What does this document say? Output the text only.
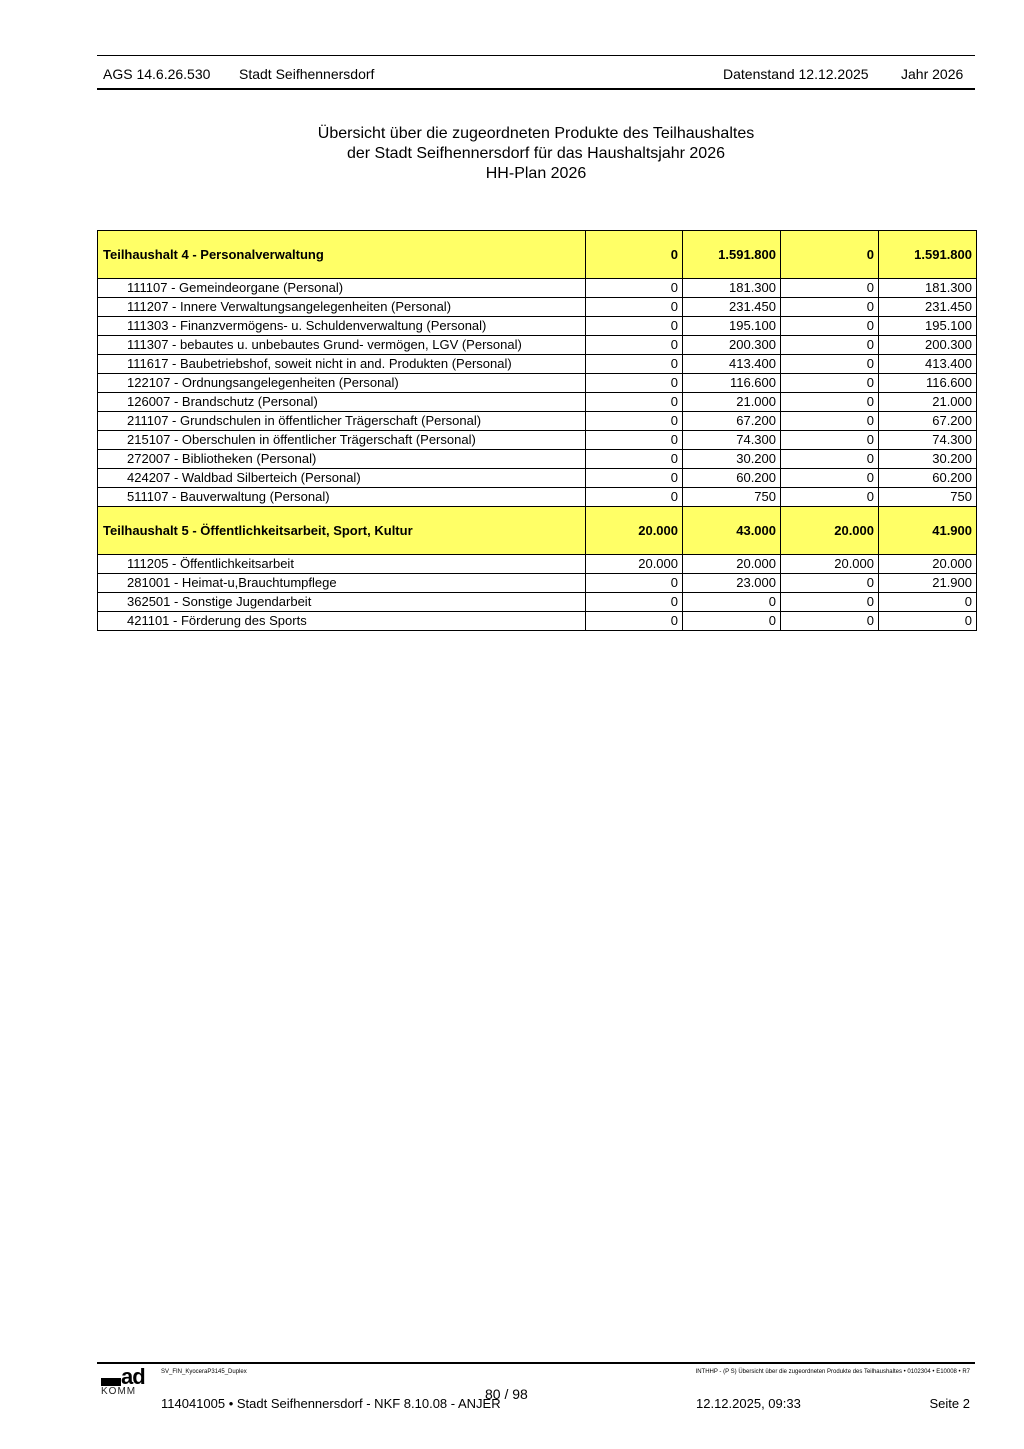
AGS 14.6.26.530 Stadt Seifhennersdorf	Datenstand 12.12.2025 Jahr 2026
Übersicht über die zugeordneten Produkte des Teilhaushaltes
der Stadt Seifhennersdorf für das Haushaltsjahr 2026
HH-Plan 2026
Teilhaushalt 4 - Personalverwaltung	0	1.591.800	0	1.591.800
111107 - Gemeindeorgane (Personal)	0	181.300	0	181.300
111207 - Innere Verwaltungsangelegenheiten (Personal)	0	231.450	0	231.450
111303 - Finanzvermögens- u. Schuldenverwaltung (Personal)	0	195.100	0	195.100
111307 - bebautes u. unbebautes Grund- vermögen, LGV (Personal)	0	200.300	0	200.300
111617 - Baubetriebshof, soweit nicht in and. Produkten (Personal)	0	413.400	0	413.400
122107 - Ordnungsangelegenheiten (Personal)	0	116.600	0	116.600
126007 - Brandschutz (Personal)	0	21.000	0	21.000
211107 - Grundschulen in öffentlicher Trägerschaft (Personal)	0	67.200	0	67.200
215107 - Oberschulen in öffentlicher Trägerschaft (Personal)	0	74.300	0	74.300
272007 - Bibliotheken (Personal)	0	30.200	0	30.200
424207 - Waldbad Silberteich (Personal)	0	60.200	0	60.200
511107 - Bauverwaltung (Personal)	0	750	0	750
Teilhaushalt 5 - Öffentlichkeitsarbeit, Sport, Kultur	20.000	43.000	20.000	41.900
111205 - Öffentlichkeitsarbeit	20.000	20.000	20.000	20.000
281001 - Heimat-u,Brauchtumpflege	0	23.000	0	21.900
362501 - Sonstige Jugendarbeit	0	0	0	0
421101 - Förderung des Sports	0	0	0	0
ad
KOMM
SV_FIN_KyoceraP3145_Duplex	INTHHP - (P S) Übersicht über die zugeordneten Produkte des Teilhaushaltes • 0102304 • E10008 • R7
80 / 98
114041005 • Stadt Seifhennersdorf - NKF 8.10.08 - ANJER	12.12.2025, 09:33	Seite 2
